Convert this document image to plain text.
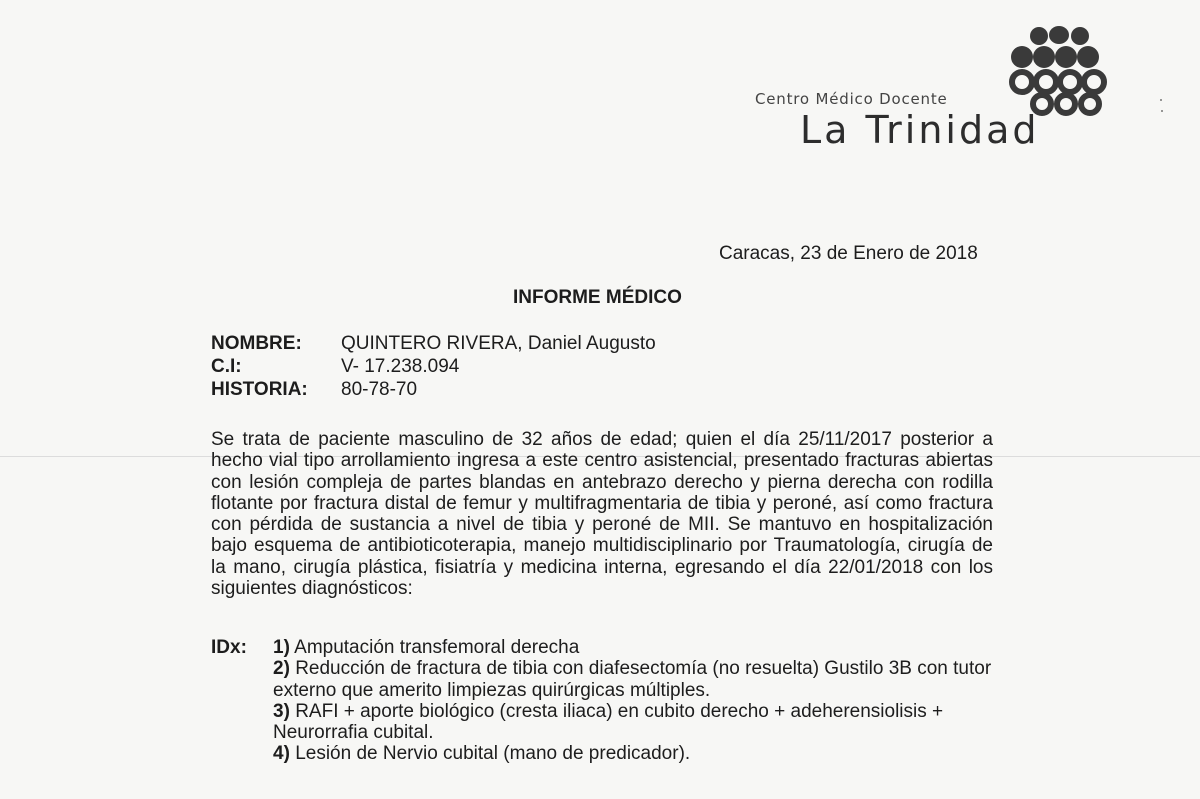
Centro Médico Docente
La Trinidad
Caracas, 23 de Enero de 2018
INFORME MÉDICO
NOMBRE:	QUINTERO RIVERA, Daniel Augusto
C.I:	V- 17.238.094
HISTORIA:	80-78-70
Se trata de paciente masculino de 32 años de edad; quien el día 25/11/2017 posterior a hecho vial tipo arrollamiento ingresa a este centro asistencial, presentado fracturas abiertas con lesión compleja de partes blandas en antebrazo derecho y pierna derecha con rodilla flotante por fractura distal de femur y multifragmentaria de tibia y peroné, así como fractura con pérdida de sustancia a nivel de tibia y peroné de MII. Se mantuvo en hospitalización bajo esquema de antibioticoterapia, manejo multidisciplinario por Traumatología, cirugía de la mano, cirugía plástica, fisiatría y medicina interna, egresando el día 22/01/2018 con los siguientes diagnósticos:
IDx:	1) Amputación transfemoral derecha
2) Reducción de fractura de tibia con diafesectomía (no resuelta) Gustilo 3B con tutor externo que amerito limpiezas quirúrgicas múltiples.
3) RAFI + aporte biológico (cresta iliaca) en cubito derecho + adeherensiolisis + Neurorrafia cubital.
4) Lesión de Nervio cubital (mano de predicador).
